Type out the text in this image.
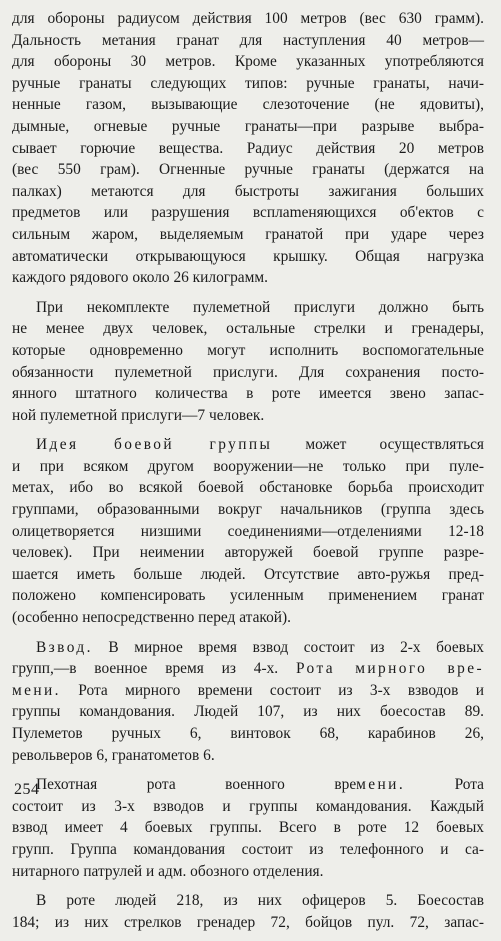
для обороны радиусом действия 100 метров (вес 630 грамм).
Дальность метания гранат для наступления 40 метров—
для обороны 30 метров. Кроме указанных употребляются
ручные гранаты следующих типов: ручные гранаты, начи-
ненные газом, вызывающие слезоточение (не ядовиты),
дымные, огневые ручные гранаты—при разрыве выбра-
сывает горючие вещества. Радиус действия 20 метров
(вес 550 грам). Огненные ручные гранаты (держатся на
палках) метаются для быстроты зажигания больших
предметов или разрушения всплameняющихся об'ектов с
сильным жаром, выделяемым гранатой при ударе через
автоматически открывающуюся крышку. Общая нагрузка
каждого рядового около 26 килограмм.

При некомплекте пулеметной прислуги должно быть
не менее двух человек, остальные стрелки и гренадеры,
которые одновременно могут исполнить воспомогательные
обязанности пулеметной прислуги. Для сохранения посто-
янного штатного количества в роте имеется звено запас-
ной пулеметной прислуги—7 человек.

Идея боевой группы может осуществляться
и при всяком другом вооружении—не только при пуле-
метах, ибо во всякой боевой обстановке борьба происходит
группами, образованными вокруг начальников (группа здесь
олицетворяется низшими соединениями—отделениями 12-18
человек). При неимении авторужей боевой группе разре-
шается иметь больше людей. Отсутствие авто-ружья пред-
положено компенсировать усиленным применением гранат
(особенно непосредственно перед атакой).

Взвод. В мирное время взвод состоит из 2-х боевых
групп,—в военное время из 4-х. Рота мирного вре-
мени. Рота мирного времени состоит из 3-х взводов и
группы командования. Людей 107, из них боесостав 89.
Пулеметов ручных 6, винтовок 68, карабинов 26,
револьверов 6, гранатометов 6.

Пехотная рота военного времени. Рота
состоит из 3-х взводов и группы командования. Каждый
взвод имеет 4 боевых группы. Всего в роте 12 боевых
групп. Группа командования состоит из телефонного и са-
нитарного патрулей и адм. обозного отделения.

В роте людей 218, из них офицеров 5. Боесостав
184; из них стрелков гренадер 72, бойцов пул. 72, запас-

254
